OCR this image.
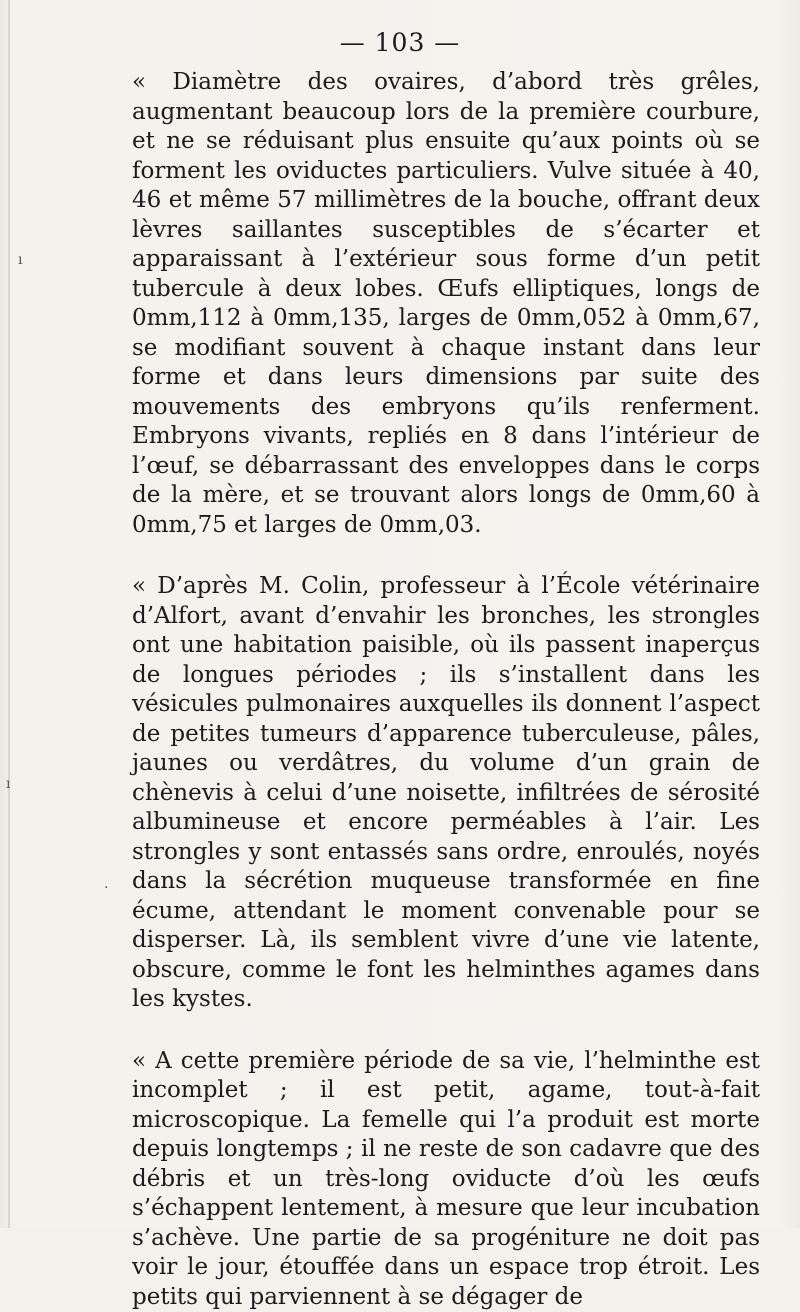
— 103 —

« Diamètre des ovaires, d’abord très grêles, augmentant beaucoup lors de la première courbure, et ne se réduisant plus ensuite qu’aux points où se forment les oviductes particuliers. Vulve située à 40, 46 et même 57 millimètres de la bouche, offrant deux lèvres saillantes susceptibles de s’écarter et apparaissant à l’extérieur sous forme d’un petit tubercule à deux lobes. Œufs elliptiques, longs de 0mm,112 à 0mm,135, larges de 0mm,052 à 0mm,67, se modifiant souvent à chaque instant dans leur forme et dans leurs dimensions par suite des mouvements des embryons qu’ils renferment. Embryons vivants, repliés en 8 dans l’intérieur de l’œuf, se débarrassant des enveloppes dans le corps de la mère, et se trouvant alors longs de 0mm,60 à 0mm,75 et larges de 0mm,03.

« D’après M. Colin, professeur à l’École vétérinaire d’Alfort, avant d’envahir les bronches, les strongles ont une habitation paisible, où ils passent inaperçus de longues périodes ; ils s’installent dans les vésicules pulmonaires auxquelles ils donnent l’aspect de petites tumeurs d’apparence tuberculeuse, pâles, jaunes ou verdâtres, du volume d’un grain de chènevis à celui d’une noisette, infiltrées de sérosité albumineuse et encore perméables à l’air. Les strongles y sont entassés sans ordre, enroulés, noyés dans la sécrétion muqueuse transformée en fine écume, attendant le moment convenable pour se disperser. Là, ils semblent vivre d’une vie latente, obscure, comme le font les helminthes agames dans les kystes.

« A cette première période de sa vie, l’helminthe est incomplet ; il est petit, agame, tout-à-fait microscopique. La femelle qui l’a produit est morte depuis longtemps ; il ne reste de son cadavre que des débris et un très-long oviducte d’où les œufs s’échappent lentement, à mesure que leur incubation s’achève. Une partie de sa progéniture ne doit pas voir le jour, étouffée dans un espace trop étroit. Les petits qui parviennent à se dégager de

ı
ı
·
